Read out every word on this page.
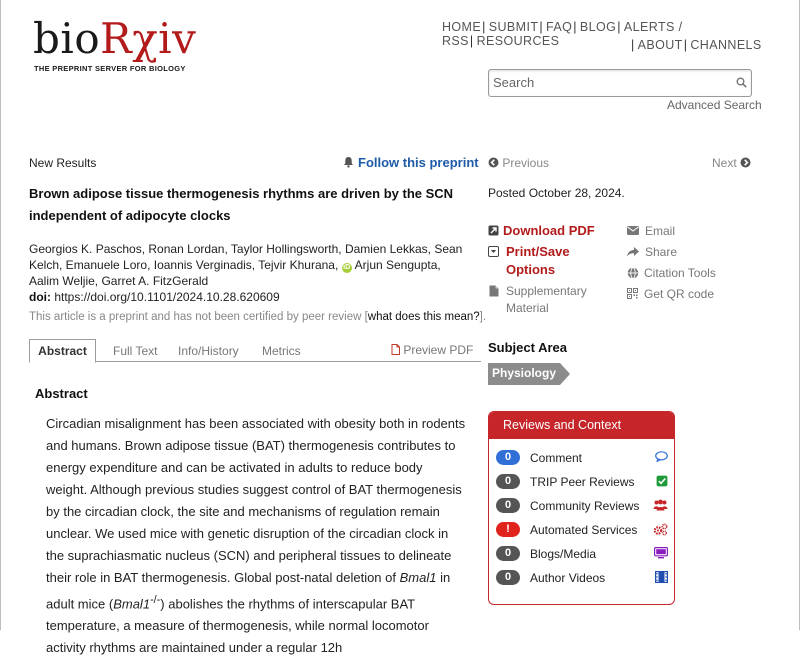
bioRχiv
THE PREPRINT SERVER FOR BIOLOGY
HOME| SUBMIT| FAQ| BLOG| ALERTS / RSS| RESOURCES	| ABOUT| CHANNELS
Search
Advanced Search
New Results	Follow this preprint	Previous	Next
Brown adipose tissue thermogenesis rhythms are driven by the SCN independent of adipocyte clocks
Georgios K. Paschos, Ronan Lordan, Taylor Hollingsworth, Damien Lekkas, Sean Kelch, Emanuele Loro, Ioannis Verginadis, Tejvir Khurana, iD Arjun Sengupta, Aalim Weljie, Garret A. FitzGerald
doi: https://doi.org/10.1101/2024.10.28.620609
This article is a preprint and has not been certified by peer review [what does this mean?].
Abstract	Full Text Info/History Metrics	Preview PDF
Abstract
Circadian misalignment has been associated with obesity both in rodents and humans. Brown adipose tissue (BAT) thermogenesis contributes to energy expenditure and can be activated in adults to reduce body weight. Although previous studies suggest control of BAT thermogenesis by the circadian clock, the site and mechanisms of regulation remain unclear. We used mice with genetic disruption of the circadian clock in the suprachiasmatic nucleus (SCN) and peripheral tissues to delineate their role in BAT thermogenesis. Global post-natal deletion of Bmal1 in adult mice (Bmal1-/-) abolishes the rhythms of interscapular BAT temperature, a measure of thermogenesis, while normal locomotor activity rhythms are maintained under a regular 12h
Posted October 28, 2024.
Download PDF
Print/Save Options
Supplementary Material
Email
Share
Citation Tools
Get QR code
Subject Area
Physiology
Reviews and Context
0	Comment
0	TRIP Peer Reviews
0	Community Reviews
!	Automated Services
0	Blogs/Media
0	Author Videos
